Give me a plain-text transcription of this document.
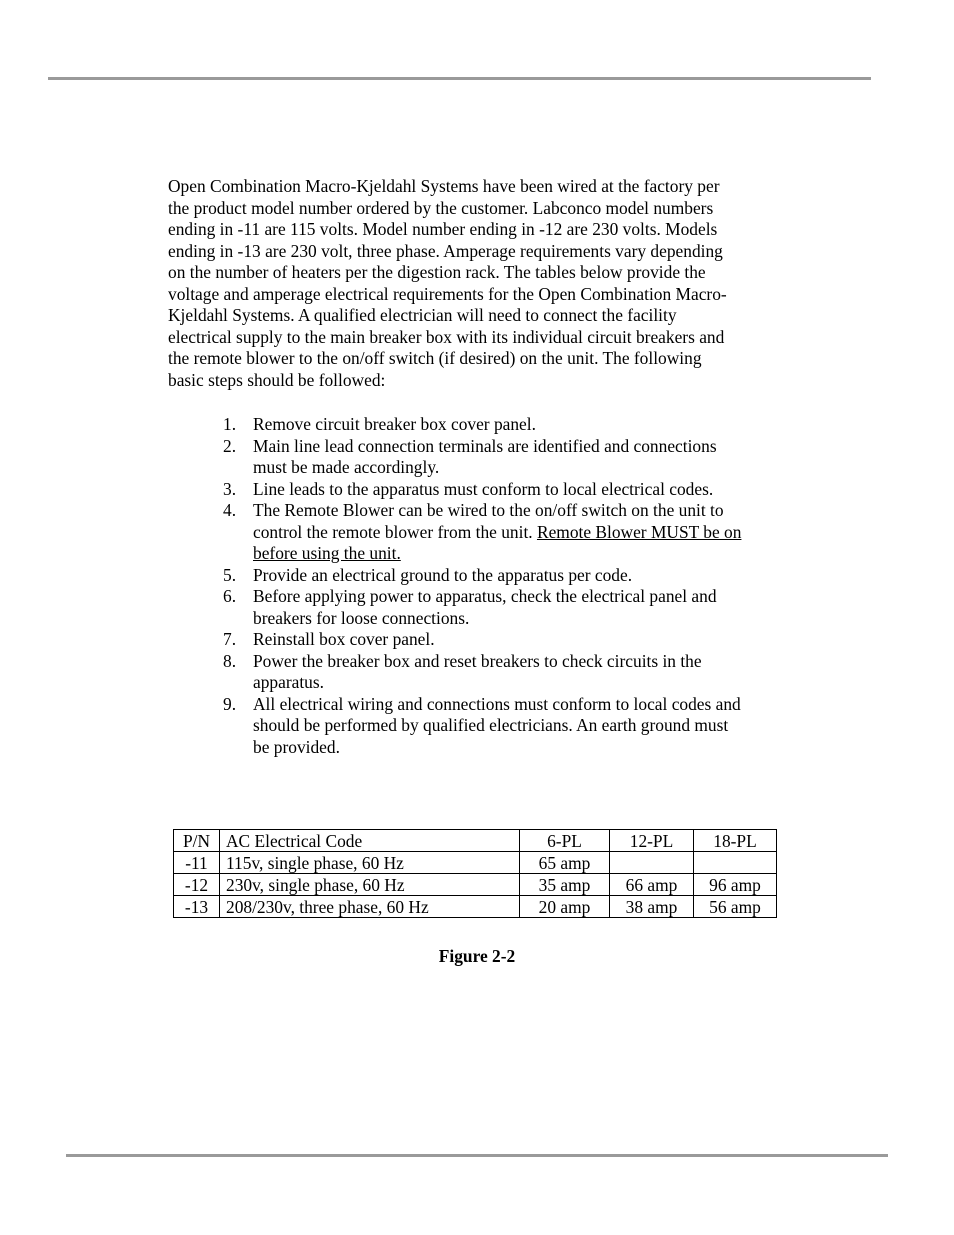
Open Combination Macro-Kjeldahl Systems have been wired at the factory per
the product model number ordered by the customer. Labconco model numbers
ending in -11 are 115 volts. Model number ending in -12 are 230 volts. Models
ending in -13 are 230 volt, three phase. Amperage requirements vary depending
on the number of heaters per the digestion rack. The tables below provide the
voltage and amperage electrical requirements for the Open Combination Macro-
Kjeldahl Systems. A qualified electrician will need to connect the facility
electrical supply to the main breaker box with its individual circuit breakers and
the remote blower to the on/off switch (if desired) on the unit. The following
basic steps should be followed:

1. Remove circuit breaker box cover panel.
2. Main line lead connection terminals are identified and connections
must be made accordingly.
3. Line leads to the apparatus must conform to local electrical codes.
4. The Remote Blower can be wired to the on/off switch on the unit to
control the remote blower from the unit. Remote Blower MUST be on
before using the unit.
5. Provide an electrical ground to the apparatus per code.
6. Before applying power to apparatus, check the electrical panel and
breakers for loose connections.
7. Reinstall box cover panel.
8. Power the breaker box and reset breakers to check circuits in the
apparatus.
9. All electrical wiring and connections must conform to local codes and
should be performed by qualified electricians. An earth ground must
be provided.
P/N	AC Electrical Code	6-PL	12-PL	18-PL
-11	115v, single phase, 60 Hz	65 amp		
-12	230v, single phase, 60 Hz	35 amp	66 amp	96 amp
-13	208/230v, three phase, 60 Hz	20 amp	38 amp	56 amp
Figure 2-2
